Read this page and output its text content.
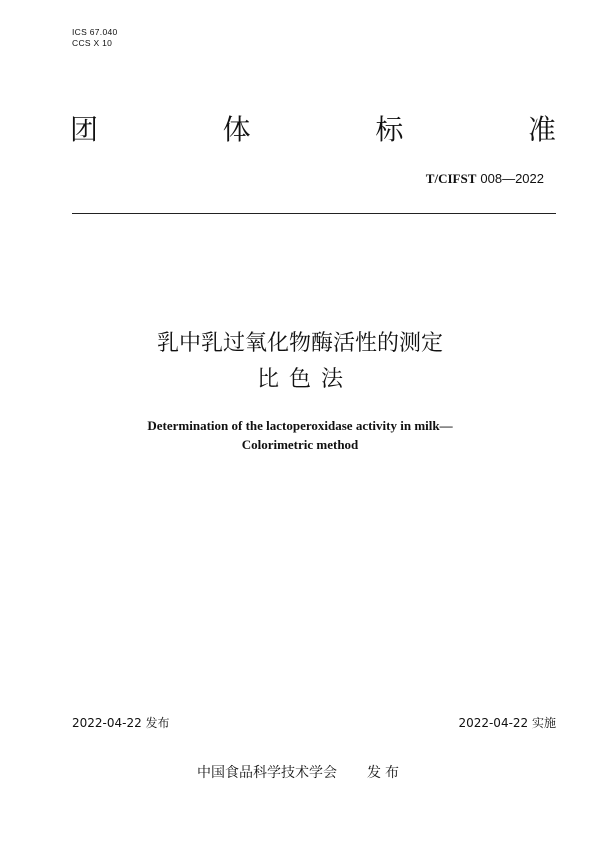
ICS 67.040
CCS X 10
团	体	标	准
T/CIFST 008—2022
乳中乳过氧化物酶活性的测定
比色法
Determination of the lactoperoxidase activity in milk—
Colorimetric method
2022-04-22 发布	2022-04-22 实施
中国食品科学技术学会 发布
